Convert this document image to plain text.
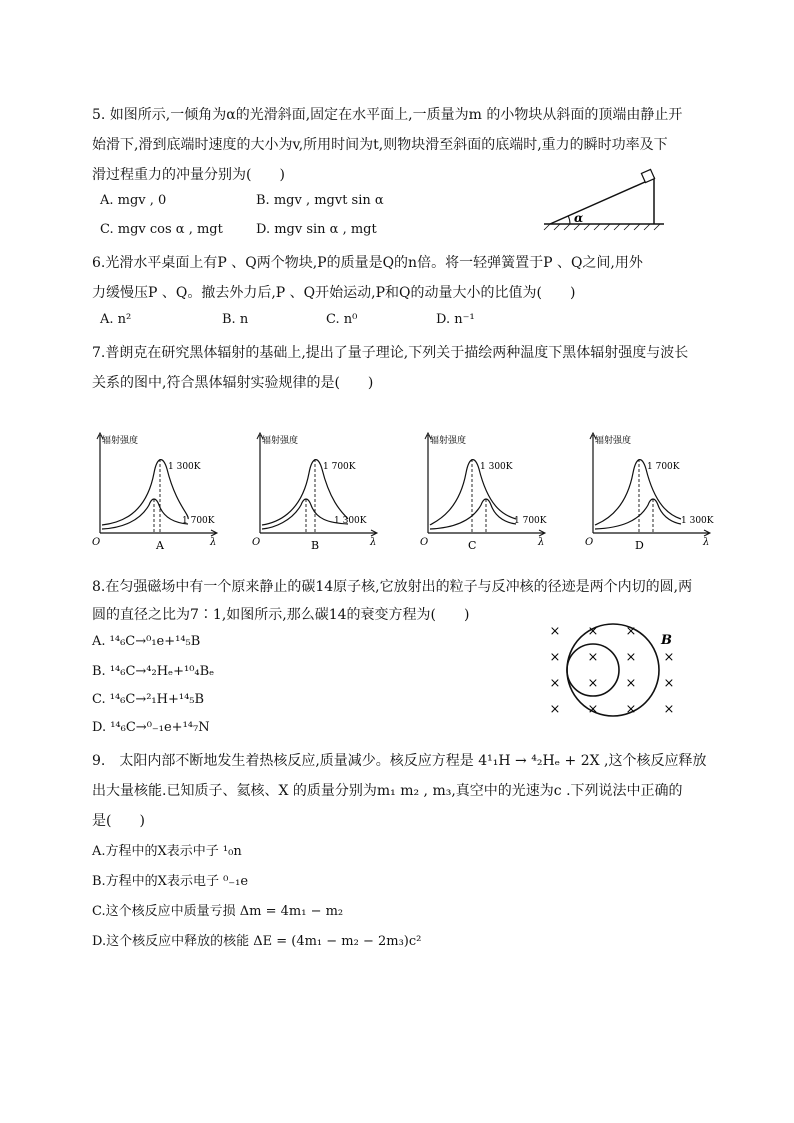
5. 如图所示,一倾角为α的光滑斜面,固定在水平面上,一质量为m 的小物块从斜面的顶端由静止开
始滑下,滑到底端时速度的大小为v,所用时间为t,则物块滑至斜面的底端时,重力的瞬时功率及下
滑过程重力的冲量分别为(　　)
A. mgv , 0	B. mgv , mgvt sin α
C. mgv cos α , mgt	D. mgv sin α , mgt
α
6.光滑水平桌面上有P 、Q两个物块,P的质量是Q的n倍。将一轻弹簧置于P 、Q之间,用外
力缓慢压P 、Q。撤去外力后,P 、Q开始运动,P和Q的动量大小的比值为(　　)
A. n²	B. n	C. n⁰	D. n⁻¹
7.普朗克在研究黑体辐射的基础上,提出了量子理论,下列关于描绘两种温度下黑体辐射强度与波长
关系的图中,符合黑体辐射实验规律的是(　　)
辐射强度
1 300K
1 700K
O	λ
A
辐射强度
1 700K
1 300K
O	λ
B
辐射强度
1 300K
1 700K
O	λ
C
辐射强度
1 700K
1 300K
O	λ
D
8.在匀强磁场中有一个原来静止的碳14原子核,它放射出的粒子与反冲核的径迹是两个内切的圆,两
圆的直径之比为7∶1,如图所示,那么碳14的衰变方程为(　　)
A. ¹⁴₆C→⁰₁e+¹⁴₅B
B. ¹⁴₆C→⁴₂Hₑ+¹⁰₄Bₑ
C. ¹⁴₆C→²₁H+¹⁴₅B
D. ¹⁴₆C→⁰₋₁e+¹⁴₇N
B
× × ×
× × × ×
× × × ×
× × × ×
9.　太阳内部不断地发生着热核反应,质量减少。核反应方程是 4¹₁H → ⁴₂Hₑ + 2X ,这个核反应释放
出大量核能.已知质子、氦核、X 的质量分别为m₁ m₂ , m₃,真空中的光速为c .下列说法中正确的
是(　　)
A.方程中的X表示中子 ¹₀n
B.方程中的X表示电子 ⁰₋₁e
C.这个核反应中质量亏损 Δm = 4m₁ − m₂
D.这个核反应中释放的核能 ΔE = (4m₁ − m₂ − 2m₃)c²
